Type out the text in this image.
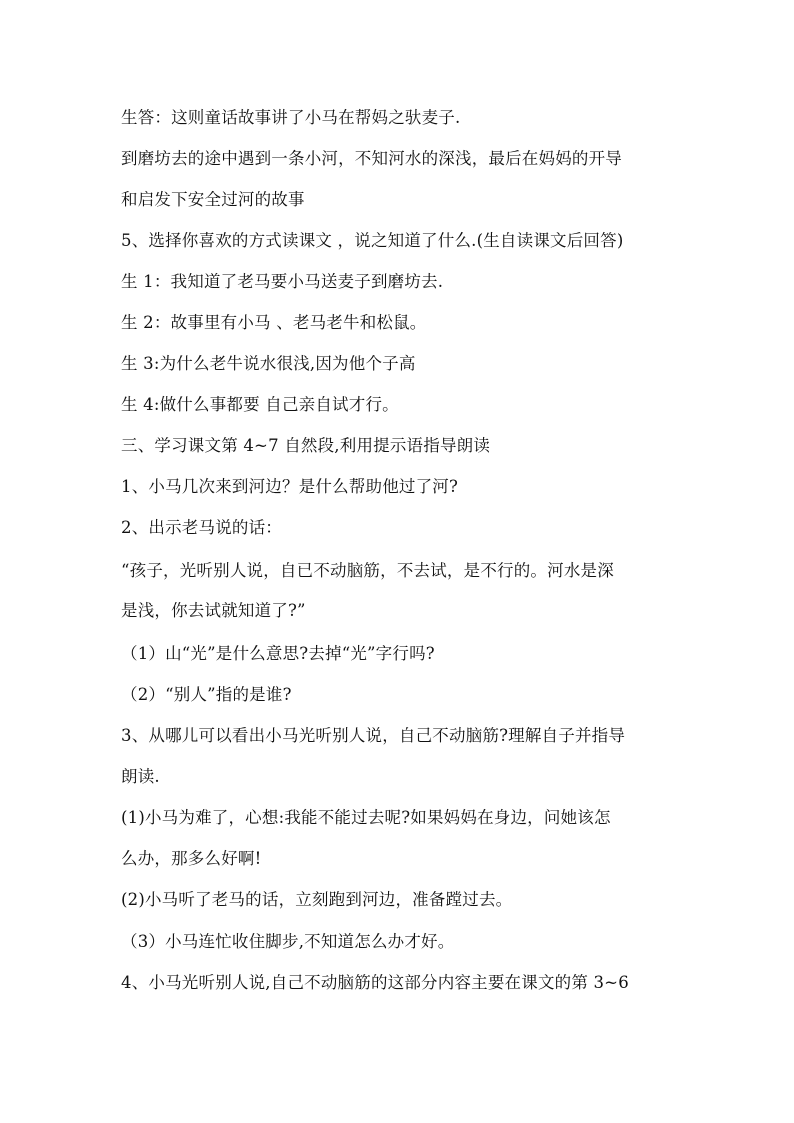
生答：这则童话故事讲了小马在帮妈之驮麦子.
到磨坊去的途中遇到一条小河，不知河水的深浅，最后在妈妈的开导
和启发下安全过河的故事
5、选择你喜欢的方式读课文 ，说之知道了什么.(生自读课文后回答)
生 1：我知道了老马要小马送麦子到磨坊去.
生 2：故事里有小马 、老马老牛和松鼠。
生 3:为什么老牛说水很浅,因为他个子高
生 4:做什么事都要 自己亲自试才行。
三、学习课文第 4~7 自然段,利用提示语指导朗读
1、小马几次来到河边？是什么帮助他过了河?
2、出示老马说的话：
“孩子，光听别人说，自已不动脑筋，不去试，是不行的。河水是深
是浅，你去试就知道了?”
（1）山“光”是什么意思?去掉“光”字行吗?
（2）“别人”指的是谁?
3、从哪儿可以看出小马光听别人说，自己不动脑筋?理解自子并指导
朗读.
(1)小马为难了，心想:我能不能过去呢?如果妈妈在身边，问她该怎
么办，那多么好啊!
(2)小马听了老马的话，立刻跑到河边，准备蹚过去。
（3）小马连忙收住脚步,不知道怎么办才好。
4、小马光听别人说,自己不动脑筋的这部分内容主要在课文的第 3~6
